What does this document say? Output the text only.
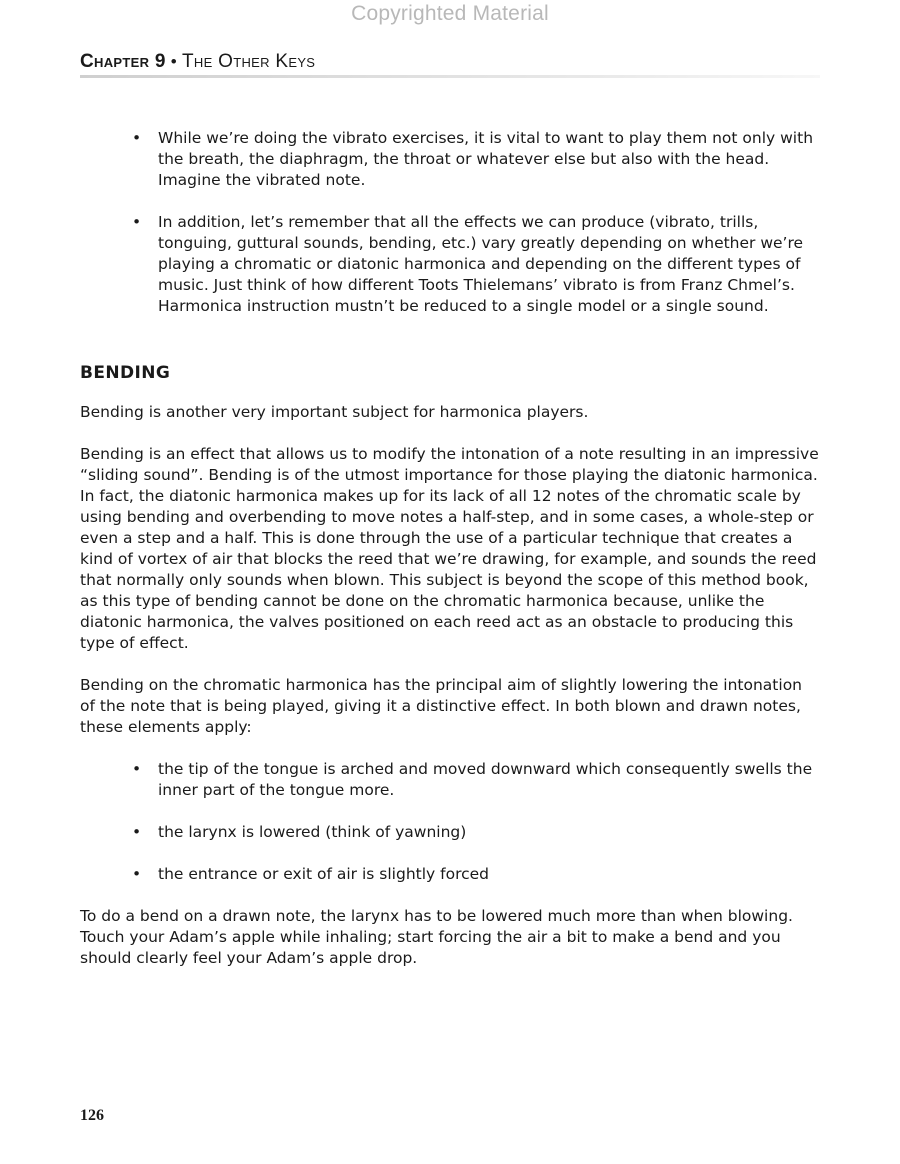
Copyrighted Material
Chapter 9 • The Other Keys
• While we’re doing the vibrato exercises, it is vital to want to play them not only with the breath, the diaphragm, the throat or whatever else but also with the head. Imagine the vibrated note.
• In addition, let’s remember that all the effects we can produce (vibrato, trills, tonguing, guttural sounds, bending, etc.) vary greatly depending on whether we’re playing a chromatic or diatonic harmonica and depending on the different types of music. Just think of how different Toots Thielemans’ vibrato is from Franz Chmel’s. Harmonica instruction mustn’t be reduced to a single model or a single sound.
BENDING

Bending is another very important subject for harmonica players.

Bending is an effect that allows us to modify the intonation of a note resulting in an impressive “sliding sound”. Bending is of the utmost importance for those playing the diatonic harmonica. In fact, the diatonic harmonica makes up for its lack of all 12 notes of the chromatic scale by using bending and overbending to move notes a half-step, and in some cases, a whole-step or even a step and a half. This is done through the use of a particular technique that creates a kind of vortex of air that blocks the reed that we’re drawing, for example, and sounds the reed that normally only sounds when blown. This subject is beyond the scope of this method book, as this type of bending cannot be done on the chromatic harmonica because, unlike the diatonic harmonica, the valves positioned on each reed act as an obstacle to producing this type of effect.

Bending on the chromatic harmonica has the principal aim of slightly lowering the intonation of the note that is being played, giving it a distinctive effect. In both blown and drawn notes, these elements apply:

• the tip of the tongue is arched and moved downward which consequently swells the inner part of the tongue more.
• the larynx is lowered (think of yawning)
• the entrance or exit of air is slightly forced

To do a bend on a drawn note, the larynx has to be lowered much more than when blowing. Touch your Adam’s apple while inhaling; start forcing the air a bit to make a bend and you should clearly feel your Adam’s apple drop.

126
